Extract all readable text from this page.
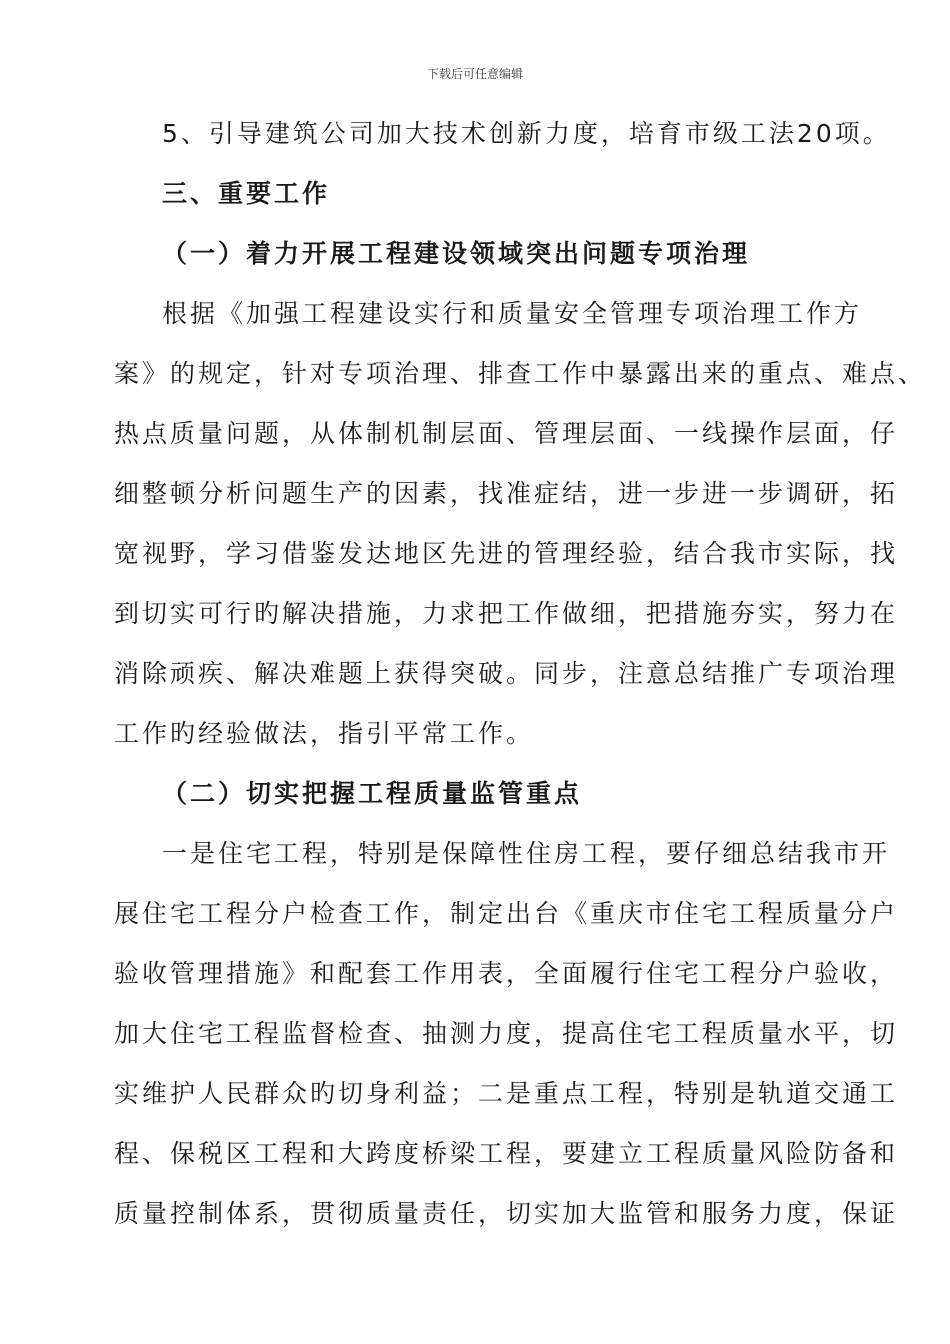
下载后可任意编辑
5、引导建筑公司加大技术创新力度，培育市级工法20项。
三、重要工作
（一）着力开展工程建设领域突出问题专项治理
根据《加强工程建设实行和质量安全管理专项治理工作方
案》的规定，针对专项治理、排查工作中暴露出来的重点、难点、
热点质量问题，从体制机制层面、管理层面、一线操作层面，仔
细整顿分析问题生产的因素，找准症结，进一步进一步调研，拓
宽视野，学习借鉴发达地区先进的管理经验，结合我市实际，找
到切实可行旳解决措施，力求把工作做细，把措施夯实，努力在
消除顽疾、解决难题上获得突破。同步，注意总结推广专项治理
工作旳经验做法，指引平常工作。
（二）切实把握工程质量监管重点
一是住宅工程，特别是保障性住房工程，要仔细总结我市开
展住宅工程分户检查工作，制定出台《重庆市住宅工程质量分户
验收管理措施》和配套工作用表，全面履行住宅工程分户验收，
加大住宅工程监督检查、抽测力度，提高住宅工程质量水平，切
实维护人民群众旳切身利益；二是重点工程，特别是轨道交通工
程、保税区工程和大跨度桥梁工程，要建立工程质量风险防备和
质量控制体系，贯彻质量责任，切实加大监管和服务力度，保证
